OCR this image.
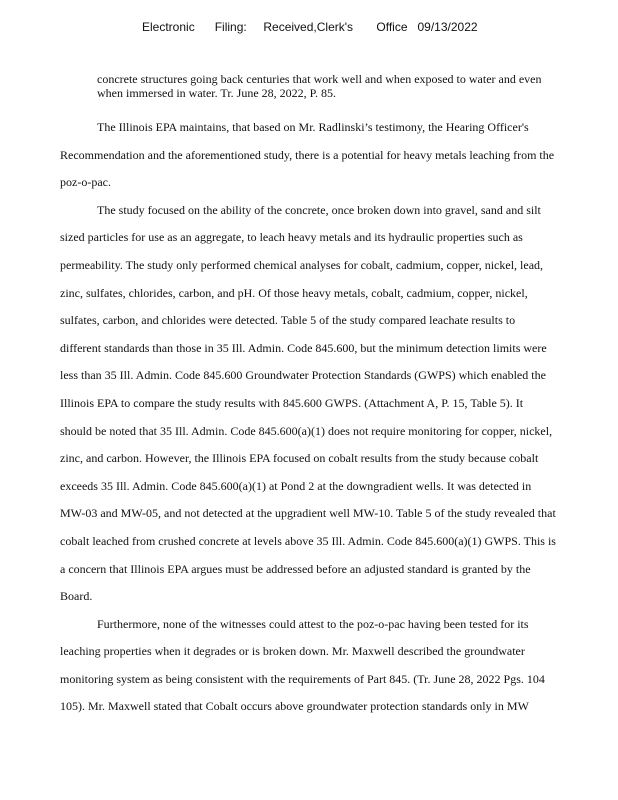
Electronic      Filing:     Received,Clerk's       Office   09/13/2022

concrete structures going back centuries that work well and when exposed to water and even

when immersed in water. Tr. June 28, 2022, P. 85.

The Illinois EPA maintains, that based on Mr. Radlinski’s testimony, the Hearing Officer's
Recommendation and the aforementioned study, there is a potential for heavy metals leaching from the
poz-o-pac.
The study focused on the ability of the concrete, once broken down into gravel, sand and silt
sized particles for use as an aggregate, to leach heavy metals and its hydraulic properties such as
permeability. The study only performed chemical analyses for cobalt, cadmium, copper, nickel, lead,
zinc, sulfates, chlorides, carbon, and pH. Of those heavy metals, cobalt, cadmium, copper, nickel,
sulfates, carbon, and chlorides were detected. Table 5 of the study compared leachate results to
different standards than those in 35 Ill. Admin. Code 845.600, but the minimum detection limits were
less than 35 Ill. Admin. Code 845.600 Groundwater Protection Standards (GWPS) which enabled the
Illinois EPA to compare the study results with 845.600 GWPS. (Attachment A, P. 15, Table 5). It
should be noted that 35 Ill. Admin. Code 845.600(a)(1) does not require monitoring for copper, nickel,
zinc, and carbon. However, the Illinois EPA focused on cobalt results from the study because cobalt
exceeds 35 Ill. Admin. Code 845.600(a)(1) at Pond 2 at the downgradient wells. It was detected in
MW-03 and MW-05, and not detected at the upgradient well MW-10. Table 5 of the study revealed that
cobalt leached from crushed concrete at levels above 35 Ill. Admin. Code 845.600(a)(1) GWPS. This is
a concern that Illinois EPA argues must be addressed before an adjusted standard is granted by the
Board.
Furthermore, none of the witnesses could attest to the poz-o-pac having been tested for its
leaching properties when it degrades or is broken down. Mr. Maxwell described the groundwater
monitoring system as being consistent with the requirements of Part 845. (Tr. June 28, 2022 Pgs. 104
105). Mr. Maxwell stated that Cobalt occurs above groundwater protection standards only in MW
